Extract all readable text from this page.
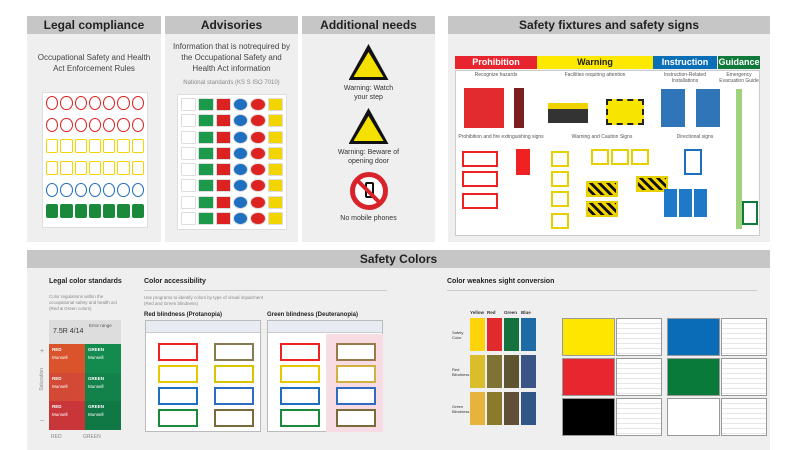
Legal compliance
Occupational Safety and Health Act Enforcement Rules
Advisories
Information that is notrequired by the Occupational Safety and Health Act information
National standards (KS S ISO 7010)
Additional needs
Warning: Watch your step
Warning: Beware of opening door
No mobile phones
Safety fixtures and safety signs
Prohibition and fire extinguishing signs	Warning and Caution Signs	Directional signs
Prohibition
Recognize hazards
Warning
Facilities requiring attention
Instruction
Instruction-Related Installations
Guidance
Emergency Evacuation Guide
Safety Colors
Legal color standards
Color regulations within the occupational safety and health act (Red & Green colors)
7.5R 4/14
Error range
RED
Munsell
GREEN
Munsell
RED
Munsell
GREEN
Munsell
RED
Munsell
GREEN
Munsell
Saturation
+
−
RED	GREEN
Color accessibility
Use programs to identify colors by type of visual impairment (Red and Green blindness)
Red blindness (Protanopia)	Green blindness (Deuteranopia)
Color weaknes sight conversion
Yellow Red Green Blue
Safety Color
Red Blindness
Green Blindness
